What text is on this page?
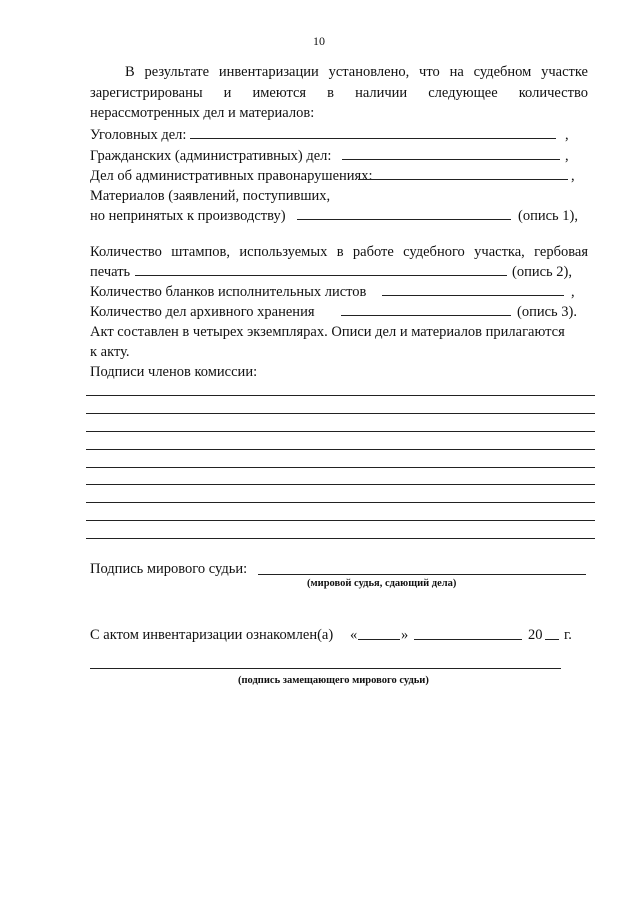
10
В результате инвентаризации установлено, что на судебном участке
зарегистрированы и имеются в наличии следующее количество
нерассмотренных дел и материалов:
Уголовных дел:	,
Гражданских (административных) дел:	,
Дел об административных правонарушениях:	,
Материалов (заявлений, поступивших,
но непринятых к производству)	(опись 1),
Количество штампов, используемых в работе судебного участка, гербовая
печать	(опись 2),
Количество бланков исполнительных листов	,
Количество дел архивного хранения	(опись 3).
Акт составлен в четырех экземплярах. Описи дел и материалов прилагаются
к акту.
Подписи членов комиссии:
Подпись мирового судьи:
(мировой судья, сдающий дела)
С актом инвентаризации ознакомлен(а) «	»	20 г.
(подпись замещающего мирового судьи)
